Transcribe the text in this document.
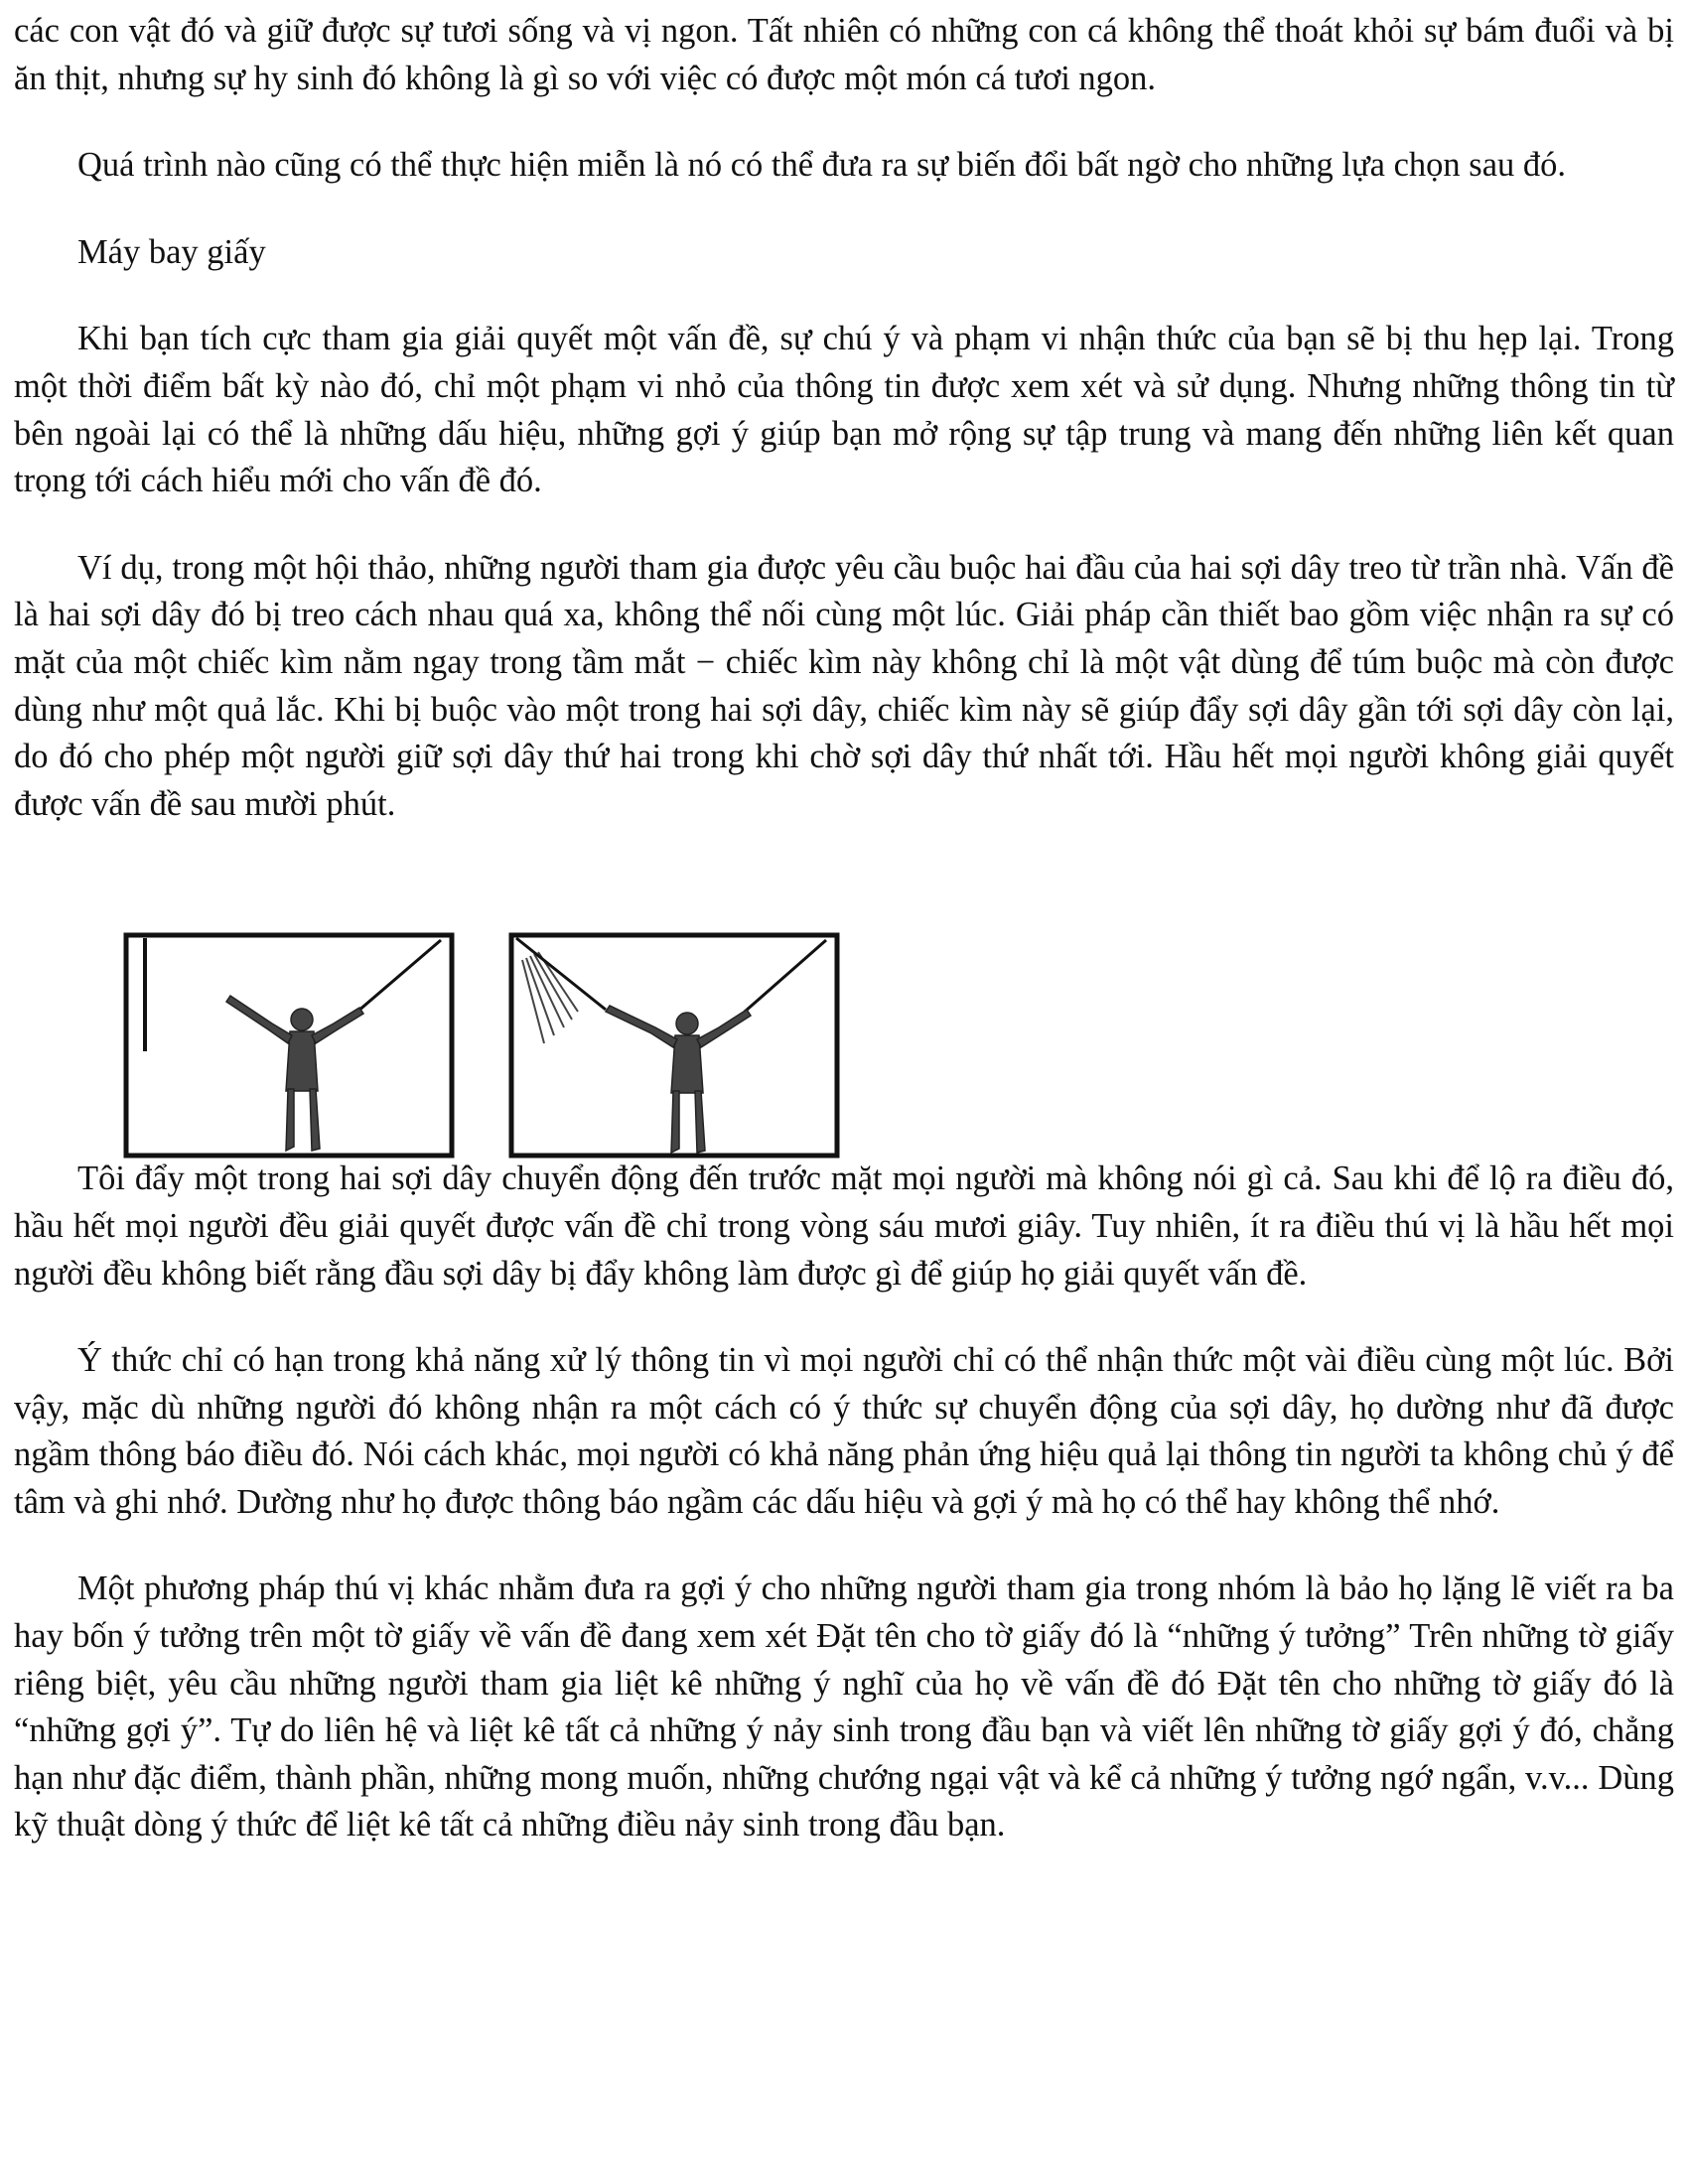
các con vật đó và giữ được sự tươi sống và vị ngon. Tất nhiên có những con cá không thể thoát khỏi sự bám đuổi và bị ăn thịt, nhưng sự hy sinh đó không là gì so với việc có được một món cá tươi ngon.

Quá trình nào cũng có thể thực hiện miễn là nó có thể đưa ra sự biến đổi bất ngờ cho những lựa chọn sau đó.

Máy bay giấy

Khi bạn tích cực tham gia giải quyết một vấn đề, sự chú ý và phạm vi nhận thức của bạn sẽ bị thu hẹp lại. Trong một thời điểm bất kỳ nào đó, chỉ một phạm vi nhỏ của thông tin được xem xét và sử dụng. Nhưng những thông tin từ bên ngoài lại có thể là những dấu hiệu, những gợi ý giúp bạn mở rộng sự tập trung và mang đến những liên kết quan trọng tới cách hiểu mới cho vấn đề đó.

Ví dụ, trong một hội thảo, những người tham gia được yêu cầu buộc hai đầu của hai sợi dây treo từ trần nhà. Vấn đề là hai sợi dây đó bị treo cách nhau quá xa, không thể nối cùng một lúc. Giải pháp cần thiết bao gồm việc nhận ra sự có mặt của một chiếc kìm nằm ngay trong tầm mắt − chiếc kìm này không chỉ là một vật dùng để túm buộc mà còn được dùng như một quả lắc. Khi bị buộc vào một trong hai sợi dây, chiếc kìm này sẽ giúp đẩy sợi dây gần tới sợi dây còn lại, do đó cho phép một người giữ sợi dây thứ hai trong khi chờ sợi dây thứ nhất tới. Hầu hết mọi người không giải quyết được vấn đề sau mười phút.

Tôi đẩy một trong hai sợi dây chuyển động đến trước mặt mọi người mà không nói gì cả. Sau khi để lộ ra điều đó, hầu hết mọi người đều giải quyết được vấn đề chỉ trong vòng sáu mươi giây. Tuy nhiên, ít ra điều thú vị là hầu hết mọi người đều không biết rằng đầu sợi dây bị đẩy không làm được gì để giúp họ giải quyết vấn đề.

Ý thức chỉ có hạn trong khả năng xử lý thông tin vì mọi người chỉ có thể nhận thức một vài điều cùng một lúc. Bởi vậy, mặc dù những người đó không nhận ra một cách có ý thức sự chuyển động của sợi dây, họ dường như đã được ngầm thông báo điều đó. Nói cách khác, mọi người có khả năng phản ứng hiệu quả lại thông tin người ta không chủ ý để tâm và ghi nhớ. Dường như họ được thông báo ngầm các dấu hiệu và gợi ý mà họ có thể hay không thể nhớ.

Một phương pháp thú vị khác nhằm đưa ra gợi ý cho những người tham gia trong nhóm là bảo họ lặng lẽ viết ra ba hay bốn ý tưởng trên một tờ giấy về vấn đề đang xem xét Đặt tên cho tờ giấy đó là “những ý tưởng” Trên những tờ giấy riêng biệt, yêu cầu những người tham gia liệt kê những ý nghĩ của họ về vấn đề đó Đặt tên cho những tờ giấy đó là “những gợi ý”. Tự do liên hệ và liệt kê tất cả những ý nảy sinh trong đầu bạn và viết lên những tờ giấy gợi ý đó, chẳng hạn như đặc điểm, thành phần, những mong muốn, những chướng ngại vật và kể cả những ý tưởng ngớ ngẩn, v.v... Dùng kỹ thuật dòng ý thức để liệt kê tất cả những điều nảy sinh trong đầu bạn.
